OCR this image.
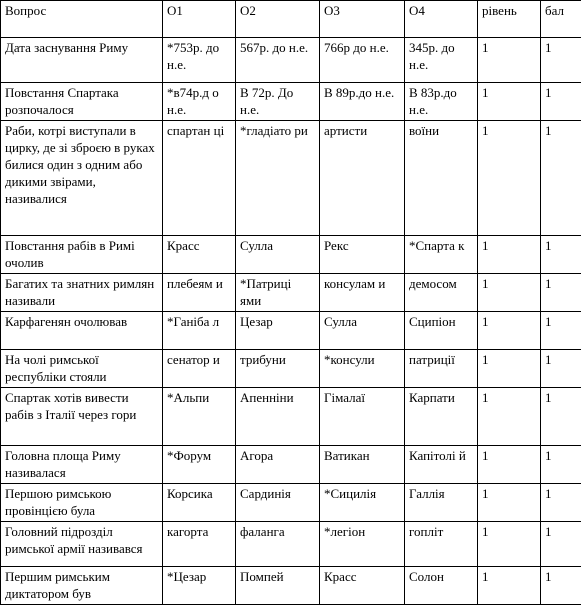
Вопрос	О1	О2	О3	О4	рівень	бал
Дата заснування Риму	*753р. до н.е.	567р. до н.е.	766р до н.е.	345р. до н.е.	1	1
Повстання Спартака розпочалося	*в74р.д о н.е.	В 72р. До н.е.	В 89р.до н.е.	В 83р.до н.е.	1	1
Раби, котрі виступали в цирку, де зі зброєю в руках билися один з одним або дикими звірами, називалися	спартан ці	*гладіато ри	артисти	воїни	1	1
Повстання рабів в Римі очолив	Красс	Сулла	Рекс	*Спарта к	1	1
Багатих та знатних римлян називали	плебеям и	*Патриці ями	консулам и	демосом	1	1
Карфагенян очолював	*Ганіба л	Цезар	Сулла	Сципіон	1	1
На чолі римської республіки стояли	сенатор и	трибуни	*консули	патриції	1	1
Спартак хотів вивести рабів з Італії через гори	*Альпи	Апенніни	Гімалаї	Карпати	1	1
Головна площа Риму називалася	*Форум	Агора	Ватикан	Капітолі й	1	1
Першою римською провінцією була	Корсика	Сардинія	*Сицилія	Галлія	1	1
Головний підрозділ римської армії називався	кагорта	фаланга	*легіон	гопліт	1	1
Першим римським диктатором був	*Цезар	Помпей	Красс	Солон	1	1
